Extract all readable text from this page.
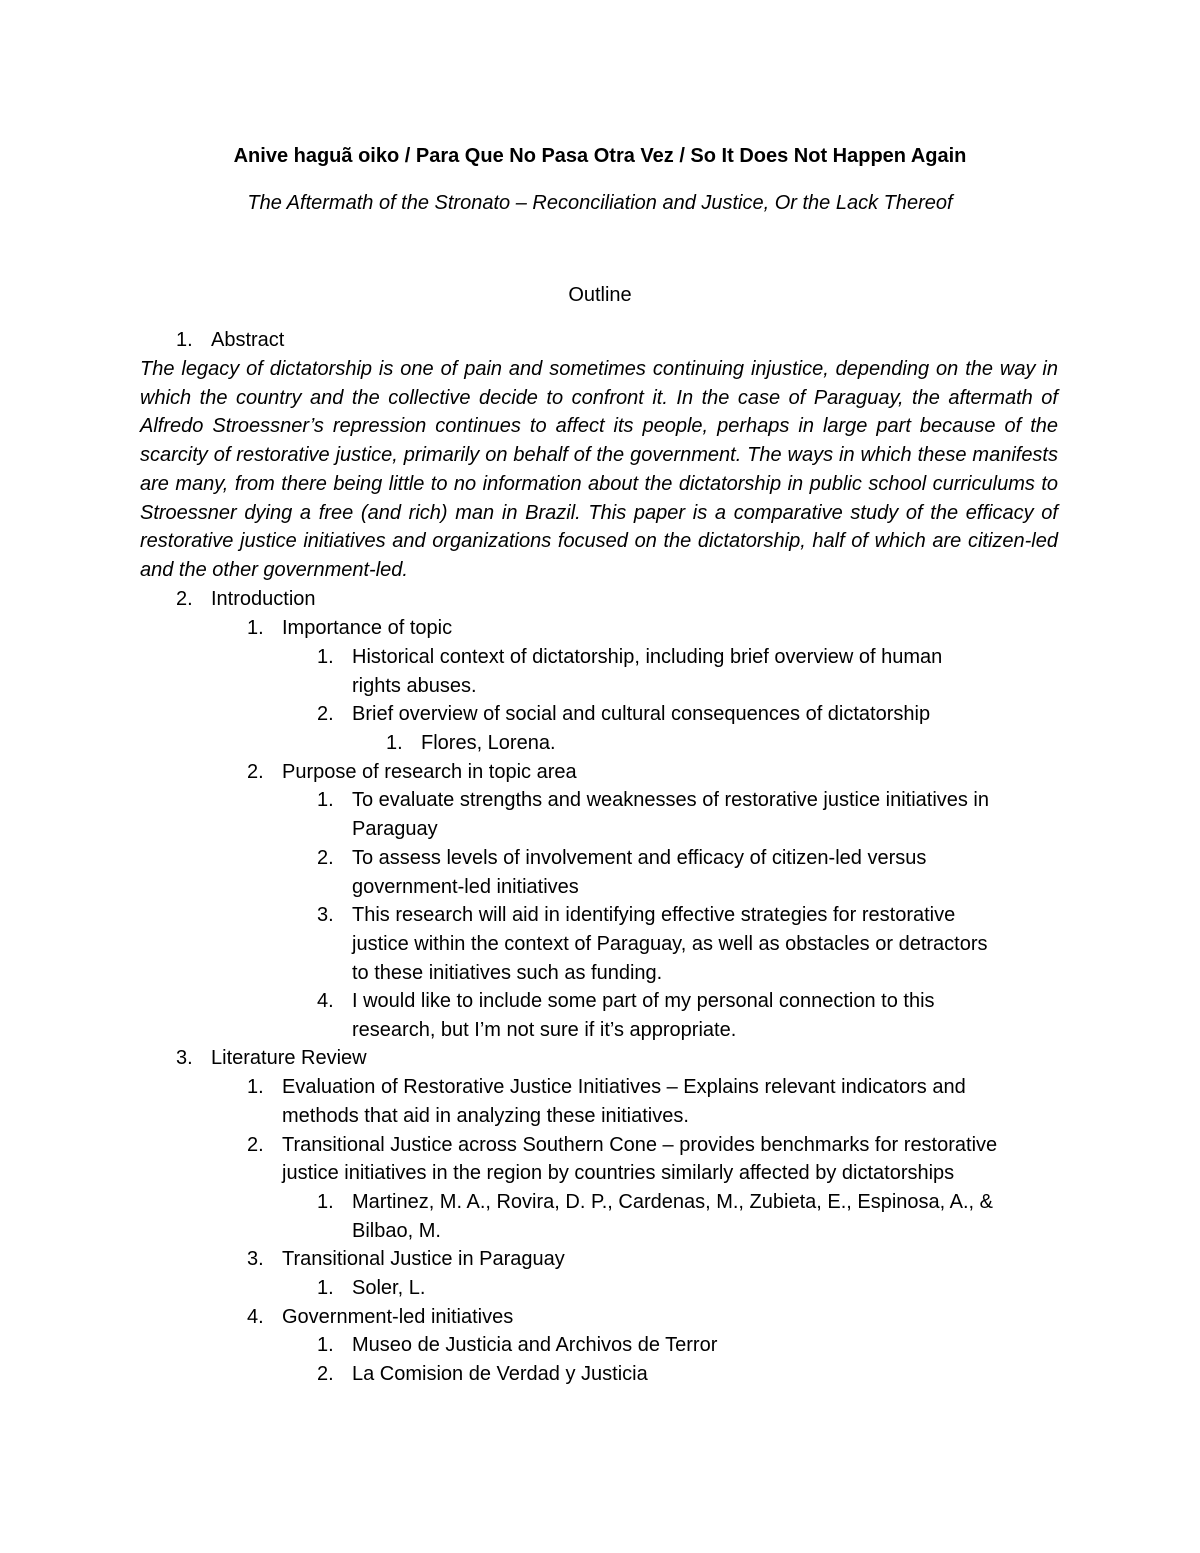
Anive haguã oiko / Para Que No Pasa Otra Vez / So It Does Not Happen Again
The Aftermath of the Stronato – Reconciliation and Justice, Or the Lack Thereof
Outline
1. Abstract
The legacy of dictatorship is one of pain and sometimes continuing injustice, depending on the way in which the country and the collective decide to confront it. In the case of Paraguay, the aftermath of Alfredo Stroessner’s repression continues to affect its people, perhaps in large part because of the scarcity of restorative justice, primarily on behalf of the government. The ways in which these manifests are many, from there being little to no information about the dictatorship in public school curriculums to Stroessner dying a free (and rich) man in Brazil. This paper is a comparative study of the efficacy of restorative justice initiatives and organizations focused on the dictatorship, half of which are citizen-led and the other government-led.
2. Introduction
1. Importance of topic
1. Historical context of dictatorship, including brief overview of human
rights abuses.
2. Brief overview of social and cultural consequences of dictatorship
1. Flores, Lorena.
2. Purpose of research in topic area
1. To evaluate strengths and weaknesses of restorative justice initiatives in
Paraguay
2. To assess levels of involvement and efficacy of citizen-led versus
government-led initiatives
3. This research will aid in identifying effective strategies for restorative
justice within the context of Paraguay, as well as obstacles or detractors
to these initiatives such as funding.
4. I would like to include some part of my personal connection to this
research, but I’m not sure if it’s appropriate.
3. Literature Review
1. Evaluation of Restorative Justice Initiatives – Explains relevant indicators and
methods that aid in analyzing these initiatives.
2. Transitional Justice across Southern Cone – provides benchmarks for restorative
justice initiatives in the region by countries similarly affected by dictatorships
1. Martinez, M. A., Rovira, D. P., Cardenas, M., Zubieta, E., Espinosa, A., &
Bilbao, M.
3. Transitional Justice in Paraguay
1. Soler, L.
4. Government-led initiatives
1. Museo de Justicia and Archivos de Terror
2. La Comision de Verdad y Justicia
